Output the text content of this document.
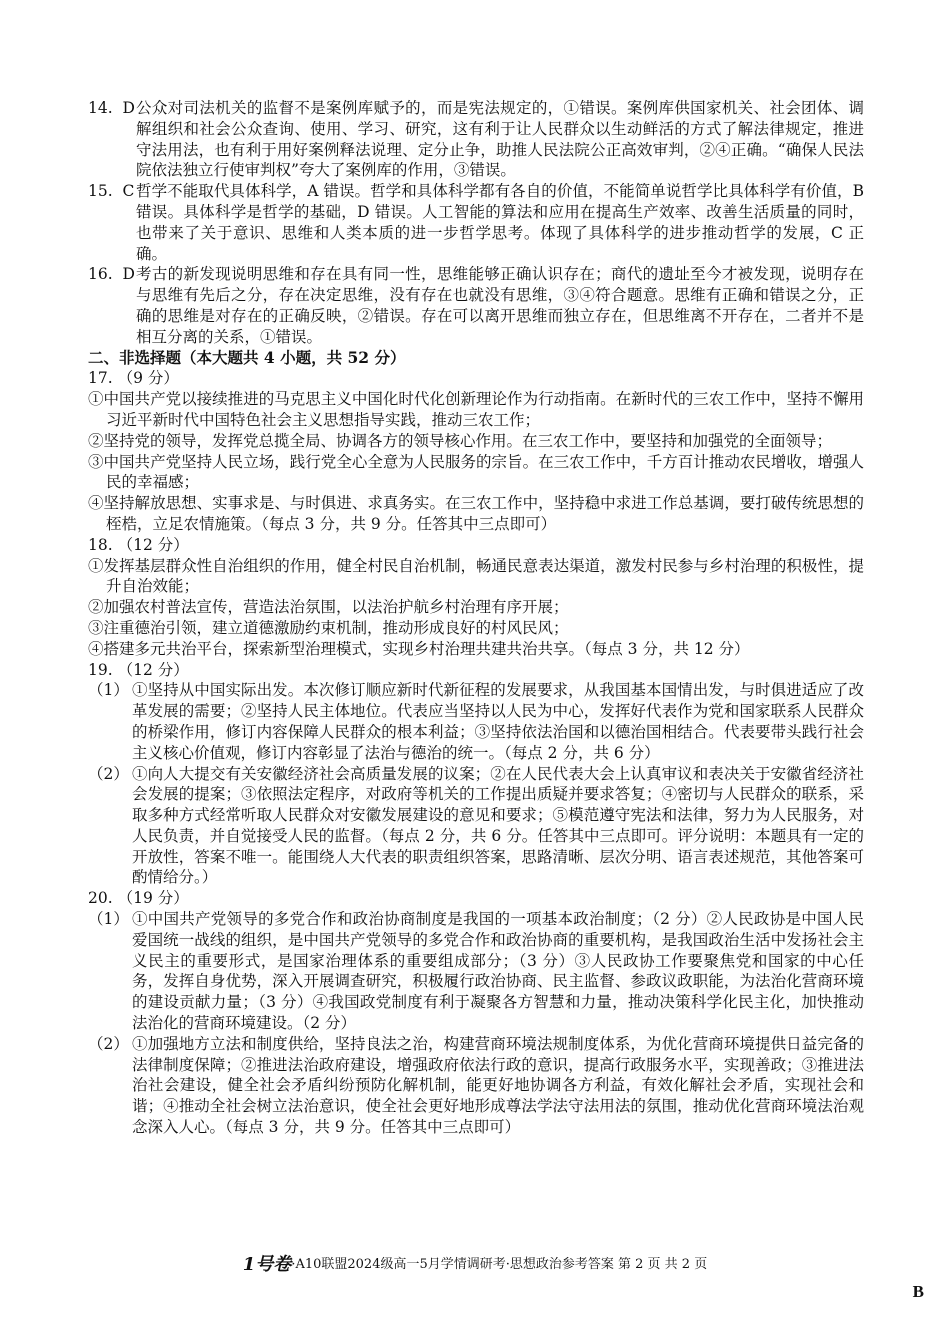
14.  D 公众对司法机关的监督不是案例库赋予的，而是宪法规定的，①错误。案例库供国家机关、社会团体、调解组织和社会公众查询、使用、学习、研究，这有利于让人民群众以生动鲜活的方式了解法律规定，推进守法用法，也有利于用好案例释法说理、定分止争，助推人民法院公正高效审判，②④正确。“确保人民法院依法独立行使审判权”夸大了案例库的作用，③错误。
15.  C 哲学不能取代具体科学，A 错误。哲学和具体科学都有各自的价值，不能简单说哲学比具体科学有价值，B 错误。具体科学是哲学的基础，D 错误。人工智能的算法和应用在提高生产效率、改善生活质量的同时，也带来了关于意识、思维和人类本质的进一步哲学思考。体现了具体科学的进步推动哲学的发展，C 正确。
16.  D 考古的新发现说明思维和存在具有同一性，思维能够正确认识存在；商代的遗址至今才被发现，说明存在与思维有先后之分，存在决定思维，没有存在也就没有思维，③④符合题意。思维有正确和错误之分，正确的思维是对存在的正确反映，②错误。存在可以离开思维而独立存在，但思维离不开存在，二者并不是相互分离的关系，①错误。

二、非选择题（本大题共 4 小题，共 52 分）

17. （9 分）

①中国共产党以接续推进的马克思主义中国化时代化创新理论作为行动指南。在新时代的三农工作中，坚持不懈用习近平新时代中国特色社会主义思想指导实践，推动三农工作；

②坚持党的领导，发挥党总揽全局、协调各方的领导核心作用。在三农工作中，要坚持和加强党的全面领导；

③中国共产党坚持人民立场，践行党全心全意为人民服务的宗旨。在三农工作中，千方百计推动农民增收，增强人民的幸福感；

④坚持解放思想、实事求是、与时俱进、求真务实。在三农工作中，坚持稳中求进工作总基调，要打破传统思想的桎梏，立足农情施策。（每点 3 分，共 9 分。任答其中三点即可）

18. （12 分）

①发挥基层群众性自治组织的作用，健全村民自治机制，畅通民意表达渠道，激发村民参与乡村治理的积极性，提升自治效能；

②加强农村普法宣传，营造法治氛围，以法治护航乡村治理有序开展；

③注重德治引领，建立道德激励约束机制，推动形成良好的村风民风；

④搭建多元共治平台，探索新型治理模式，实现乡村治理共建共治共享。（每点 3 分，共 12 分）

19. （12 分）

（1） ①坚持从中国实际出发。本次修订顺应新时代新征程的发展要求，从我国基本国情出发，与时俱进适应了改革发展的需要；②坚持人民主体地位。代表应当坚持以人民为中心，发挥好代表作为党和国家联系人民群众的桥梁作用，修订内容保障人民群众的根本利益；③坚持依法治国和以德治国相结合。代表要带头践行社会主义核心价值观，修订内容彰显了法治与德治的统一。（每点 2 分，共 6 分）
（2） ①向人大提交有关安徽经济社会高质量发展的议案；②在人民代表大会上认真审议和表决关于安徽省经济社会发展的提案；③依照法定程序，对政府等机关的工作提出质疑并要求答复；④密切与人民群众的联系，采取多种方式经常听取人民群众对安徽发展建设的意见和要求；⑤模范遵守宪法和法律，努力为人民服务，对人民负责，并自觉接受人民的监督。（每点 2 分，共 6 分。任答其中三点即可。评分说明：本题具有一定的开放性，答案不唯一。能围绕人大代表的职责组织答案，思路清晰、层次分明、语言表述规范，其他答案可酌情给分。）

20. （19 分）

（1） ①中国共产党领导的多党合作和政治协商制度是我国的一项基本政治制度；（2 分）②人民政协是中国人民爱国统一战线的组织，是中国共产党领导的多党合作和政治协商的重要机构，是我国政治生活中发扬社会主义民主的重要形式，是国家治理体系的重要组成部分；（3 分）③人民政协工作要聚焦党和国家的中心任务，发挥自身优势，深入开展调查研究，积极履行政治协商、民主监督、参政议政职能，为法治化营商环境的建设贡献力量；（3 分）④我国政党制度有利于凝聚各方智慧和力量，推动决策科学化民主化，加快推动法治化的营商环境建设。（2 分）
（2） ①加强地方立法和制度供给，坚持良法之治，构建营商环境法规制度体系，为优化营商环境提供日益完备的法律制度保障；②推进法治政府建设，增强政府依法行政的意识，提高行政服务水平，实现善政；③推进法治社会建设，健全社会矛盾纠纷预防化解机制，能更好地协调各方利益，有效化解社会矛盾，实现社会和谐；④推动全社会树立法治意识，使全社会更好地形成尊法学法守法用法的氛围，推动优化营商环境法治观念深入人心。（每点 3 分，共 9 分。任答其中三点即可）
1号卷·A10联盟2024级高一5月学情调研考·思想政治参考答案 第 2 页 共 2 页
B
